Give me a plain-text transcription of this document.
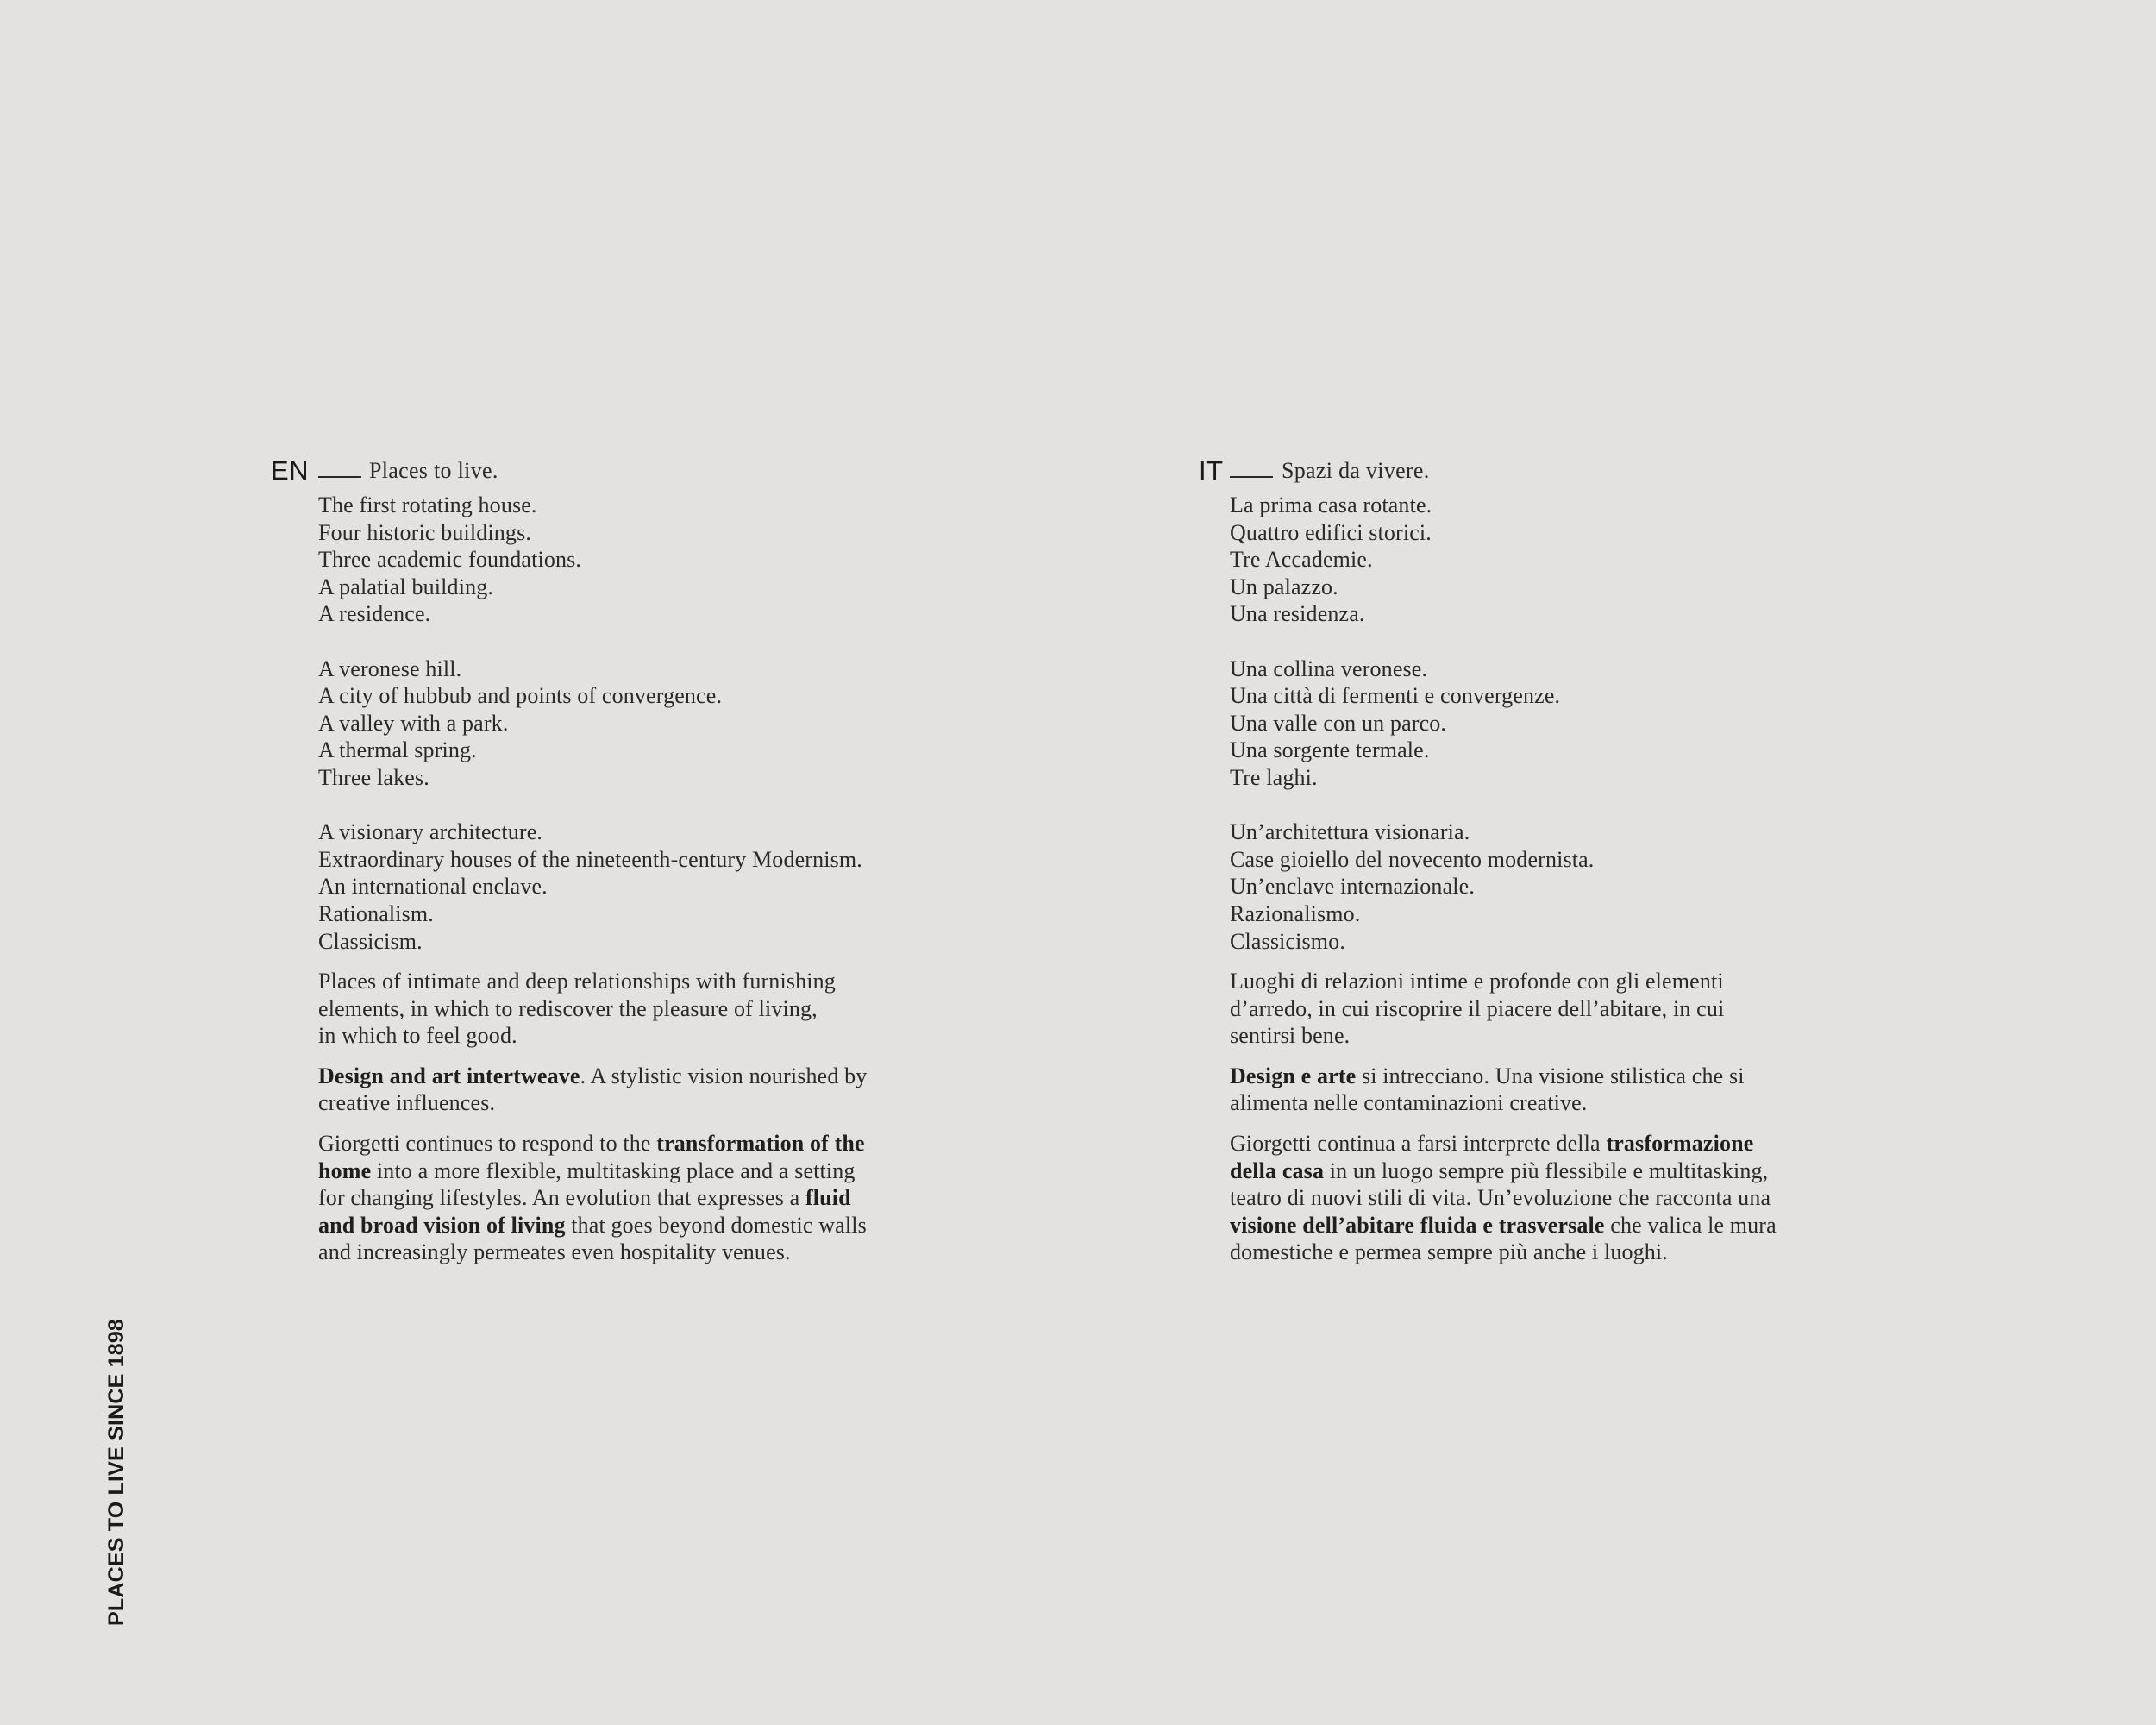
EN	Places to live.
The first rotating house.
Four historic buildings.
Three academic foundations.
A palatial building.
A residence.
A veronese hill.
A city of hubbub and points of convergence.
A valley with a park.
A thermal spring.
Three lakes.
A visionary architecture.
Extraordinary houses of the nineteenth-century Modernism.
An international enclave.
Rationalism.
Classicism.
Places of intimate and deep relationships with furnishing
elements, in which to rediscover the pleasure of living,
in which to feel good.
Design and art intertweave. A stylistic vision nourished by
creative influences.
Giorgetti continues to respond to the transformation of the
home into a more flexible, multitasking place and a setting
for changing lifestyles. An evolution that expresses a fluid
and broad vision of living that goes beyond domestic walls
and increasingly permeates even hospitality venues.
IT	Spazi da vivere.
La prima casa rotante.
Quattro edifici storici.
Tre Accademie.
Un palazzo.
Una residenza.
Una collina veronese.
Una città di fermenti e convergenze.
Una valle con un parco.
Una sorgente termale.
Tre laghi.
Un’architettura visionaria.
Case gioiello del novecento modernista.
Un’enclave internazionale.
Razionalismo.
Classicismo.
Luoghi di relazioni intime e profonde con gli elementi
d’arredo, in cui riscoprire il piacere dell’abitare, in cui
sentirsi bene.
Design e arte si intrecciano. Una visione stilistica che si
alimenta nelle contaminazioni creative.
Giorgetti continua a farsi interprete della trasformazione
della casa in un luogo sempre più flessibile e multitasking,
teatro di nuovi stili di vita. Un’evoluzione che racconta una
visione dell’abitare fluida e trasversale che valica le mura
domestiche e permea sempre più anche i luoghi.
PLACES TO LIVE SINCE 1898
